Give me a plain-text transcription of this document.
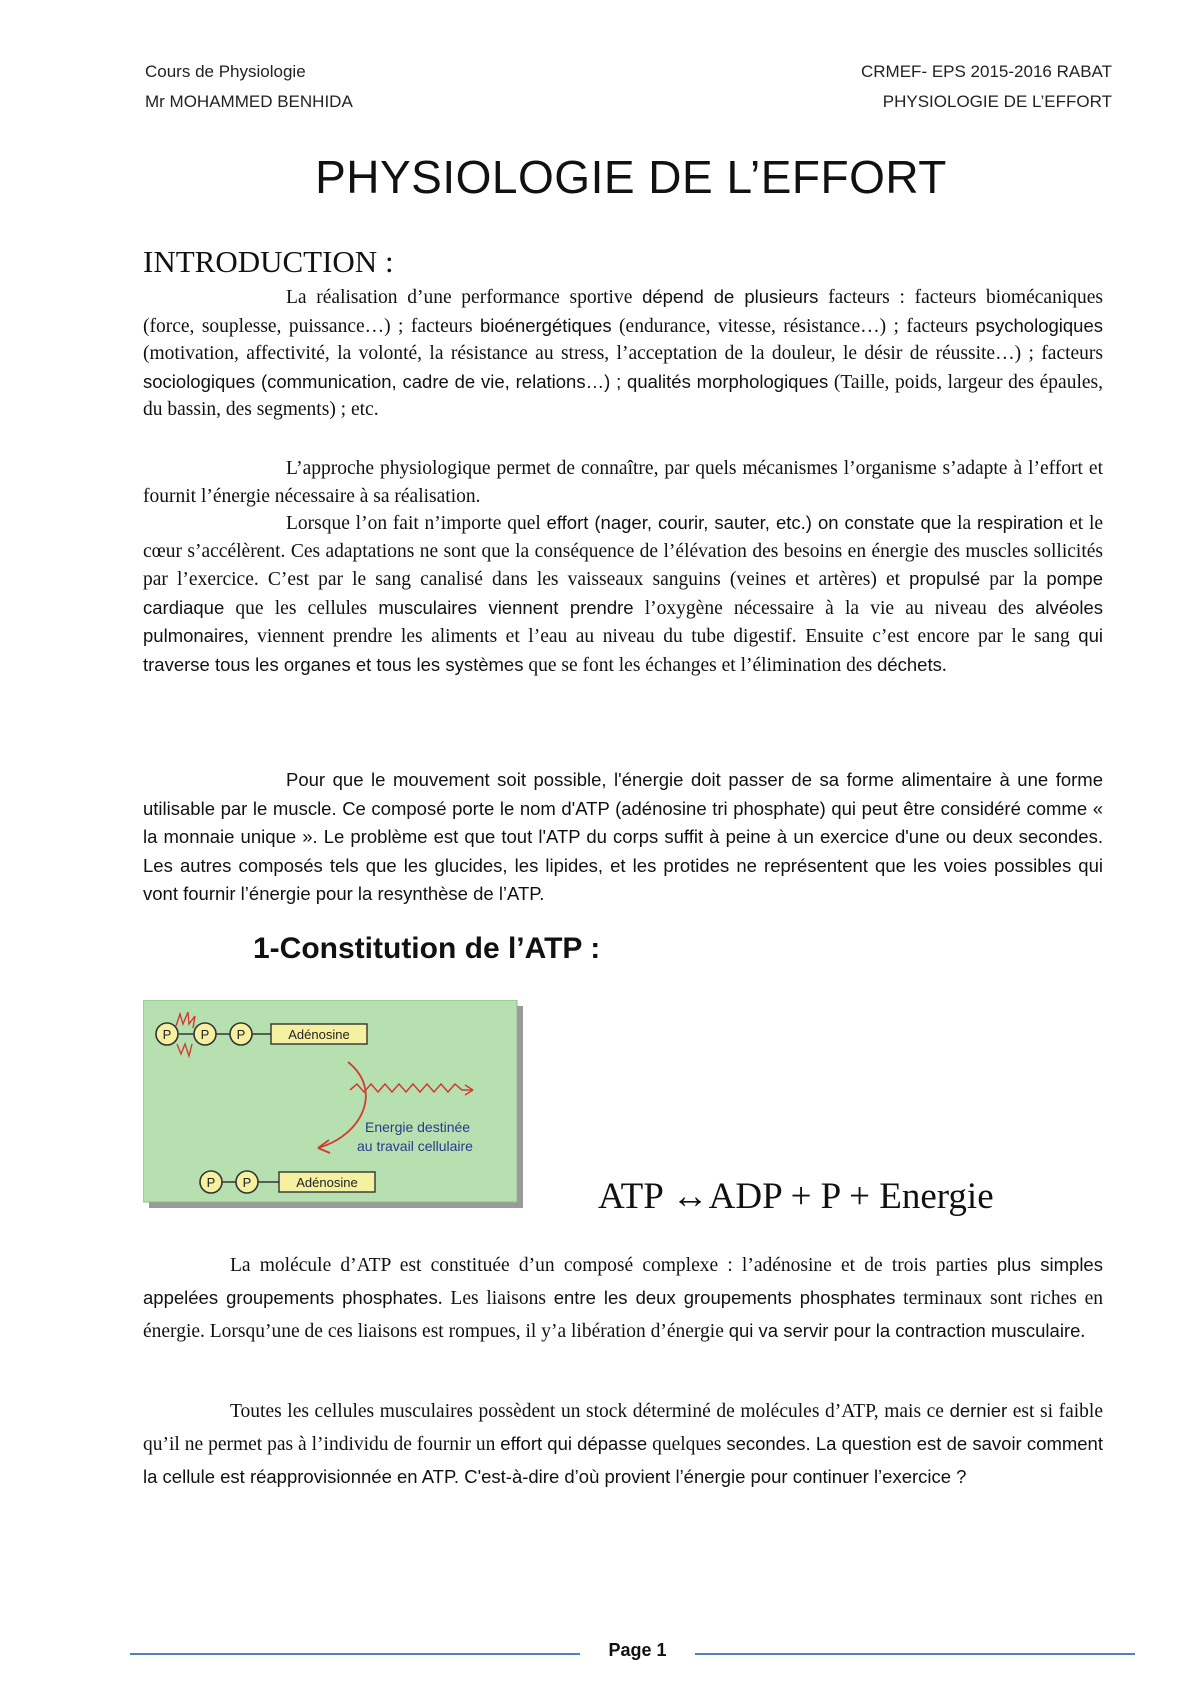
Cours de Physiologie
Mr MOHAMMED BENHIDA
CRMEF- EPS 2015-2016 RABAT
PHYSIOLOGIE DE L’EFFORT
PHYSIOLOGIE DE L’EFFORT
INTRODUCTION :

La réalisation d’une performance sportive dépend de plusieurs facteurs : facteurs biomécaniques (force, souplesse, puissance…) ; facteurs bioénergétiques (endurance, vitesse, résistance…) ; facteurs psychologiques (motivation, affectivité, la volonté, la résistance au stress, l’acceptation de la douleur, le désir de réussite…) ; facteurs sociologiques (communication, cadre de vie, relations…) ; qualités morphologiques (Taille, poids, largeur des épaules, du bassin, des segments) ; etc.

L’approche physiologique permet de connaître, par quels mécanismes l’organisme s’adapte à l’effort et fournit l’énergie nécessaire à sa réalisation.

Lorsque l’on fait n’importe quel effort (nager, courir, sauter, etc.) on constate que la respiration et le cœur s’accélèrent. Ces adaptations ne sont que la conséquence de l’élévation des besoins en énergie des muscles sollicités par l’exercice. C’est par le sang canalisé dans les vaisseaux sanguins (veines et artères) et propulsé par la pompe cardiaque que les cellules musculaires viennent prendre l’oxygène nécessaire à la vie au niveau des alvéoles pulmonaires, viennent prendre les aliments et l’eau au niveau du tube digestif. Ensuite c’est encore par le sang qui traverse tous les organes et tous les systèmes que se font les échanges et l’élimination des déchets.

Pour que le mouvement soit possible, l'énergie doit passer de sa forme alimentaire à une forme utilisable par le muscle. Ce composé porte le nom d'ATP (adénosine tri phosphate) qui peut être considéré comme « la monnaie unique ». Le problème est que tout l'ATP du corps suffit à peine à un exercice d'une ou deux secondes. Les autres composés tels que les glucides, les lipides, et les protides ne représentent que les voies possibles qui vont fournir l’énergie pour la resynthèse de l’ATP.

1-Constitution de l’ATP :
P P P	Adénosine
Energie destinée
au travail cellulaire
P P	Adénosine	ATP ↔ADP + P + Energie

La molécule d’ATP est constituée d’un composé complexe : l’adénosine et de trois parties plus simples appelées groupements phosphates. Les liaisons entre les deux groupements phosphates terminaux sont riches en énergie. Lorsqu’une de ces liaisons est rompues, il y’a libération d’énergie qui va servir pour la contraction musculaire.

Toutes les cellules musculaires possèdent un stock déterminé de molécules d’ATP, mais ce dernier est si faible qu’il ne permet pas à l’individu de fournir un effort qui dépasse quelques secondes. La question est de savoir comment la cellule est réapprovisionnée en ATP. C'est-à-dire d’où provient l’énergie pour continuer l’exercice ?

Page 1
